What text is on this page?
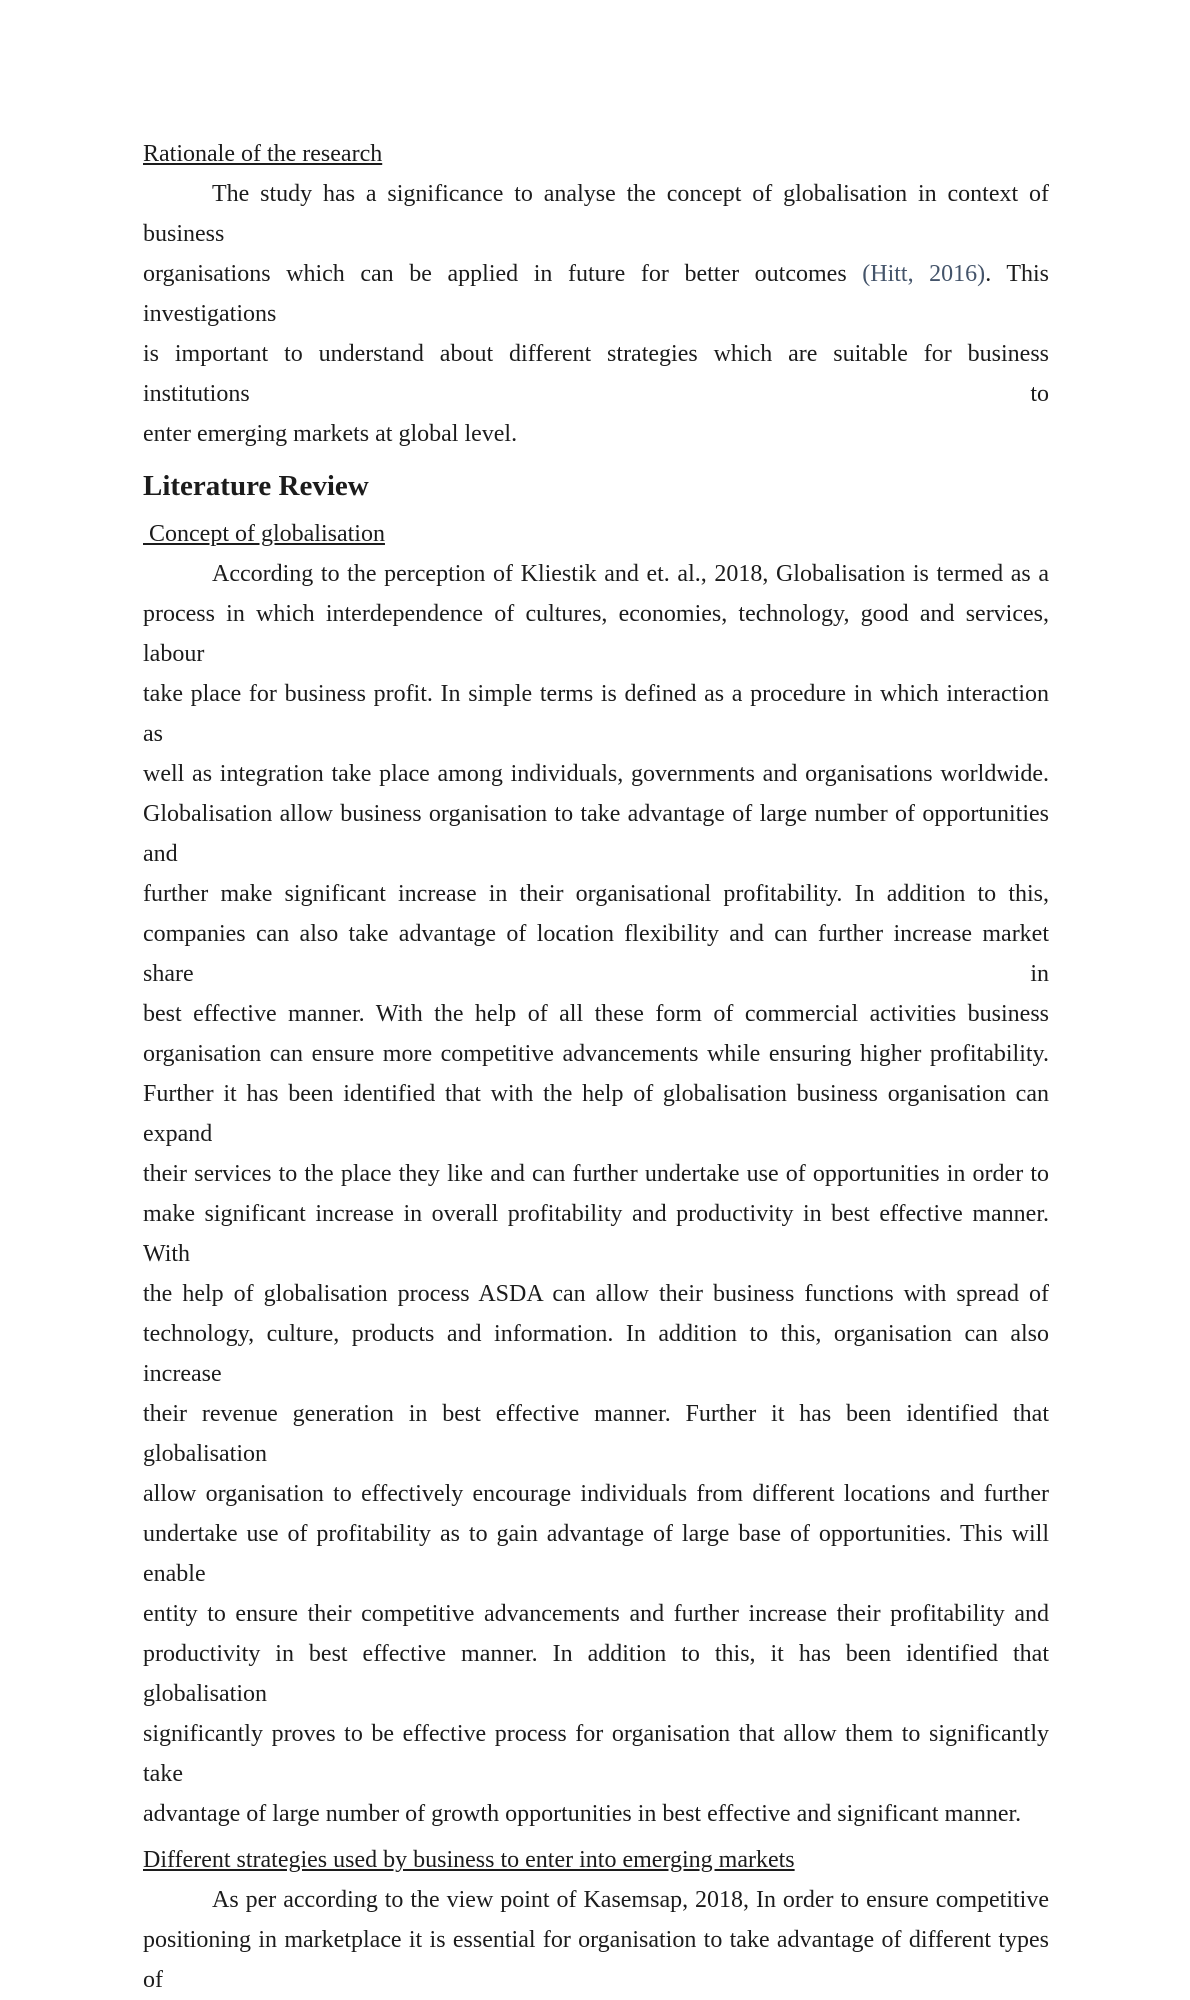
Rationale of the research
The study has a significance to analyse the concept of globalisation in context of business
organisations which can be applied in future for better outcomes (Hitt, 2016). This investigations
is important to understand about different strategies which are suitable for business institutions to
enter emerging markets at global level.
Literature Review
Concept of globalisation
According to the perception of Kliestik and et. al., 2018, Globalisation is termed as a
process in which interdependence of cultures, economies, technology, good and services, labour
take place for business profit. In simple terms is defined as a procedure in which interaction as
well as integration take place among individuals, governments and organisations worldwide.
Globalisation allow business organisation to take advantage of large number of opportunities and
further make significant increase in their organisational profitability. In addition to this,
companies can also take advantage of location flexibility and can further increase market share in
best effective manner. With the help of all these form of commercial activities business
organisation can ensure more competitive advancements while ensuring higher profitability.
Further it has been identified that with the help of globalisation business organisation can expand
their services to the place they like and can further undertake use of opportunities in order to
make significant increase in overall profitability and productivity in best effective manner. With
the help of globalisation process ASDA can allow their business functions with spread of
technology, culture, products and information. In addition to this, organisation can also increase
their revenue generation in best effective manner. Further it has been identified that globalisation
allow organisation to effectively encourage individuals from different locations and further
undertake use of profitability as to gain advantage of large base of opportunities. This will enable
entity to ensure their competitive advancements and further increase their profitability and
productivity in best effective manner. In addition to this, it has been identified that globalisation
significantly proves to be effective process for organisation that allow them to significantly take
advantage of large number of growth opportunities in best effective and significant manner.
Different strategies used by business to enter into emerging markets
As per according to the view point of Kasemsap, 2018, In order to ensure competitive
positioning in marketplace it is essential for organisation to take advantage of different types of
